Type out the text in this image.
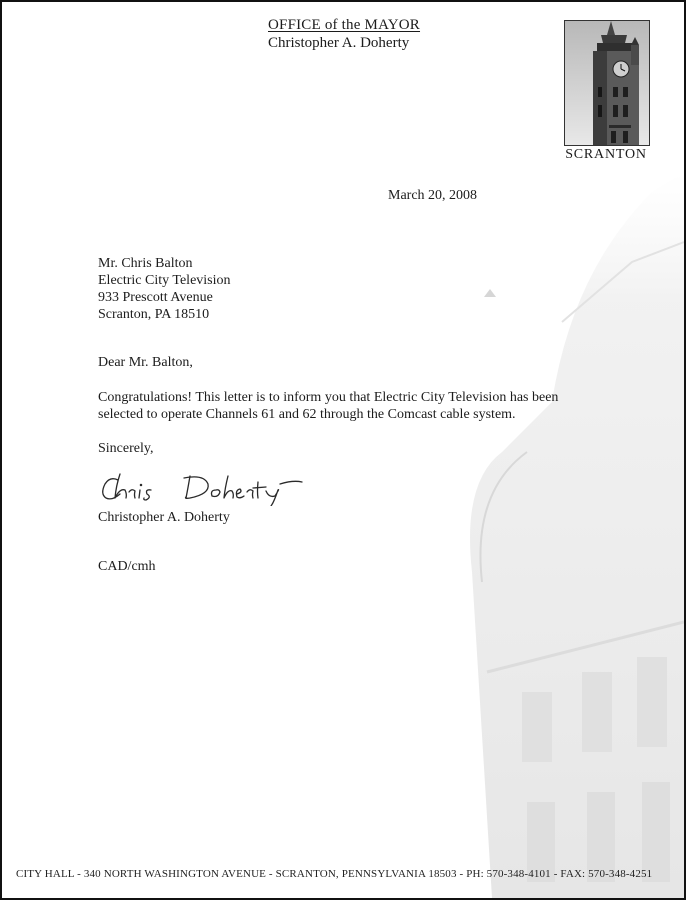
OFFICE of the MAYOR
Christopher A. Doherty
SCRANTON
March 20, 2008
Mr. Chris Balton
Electric City Television
933 Prescott Avenue
Scranton, PA 18510
Dear Mr. Balton,
Congratulations! This letter is to inform you that Electric City Television has been selected to operate Channels 61 and 62 through the Comcast cable system.
Sincerely,
Christopher A. Doherty
CAD/cmh
CITY HALL - 340 NORTH WASHINGTON AVENUE - SCRANTON, PENNSYLVANIA 18503 - PH: 570-348-4101 - FAX: 570-348-4251
